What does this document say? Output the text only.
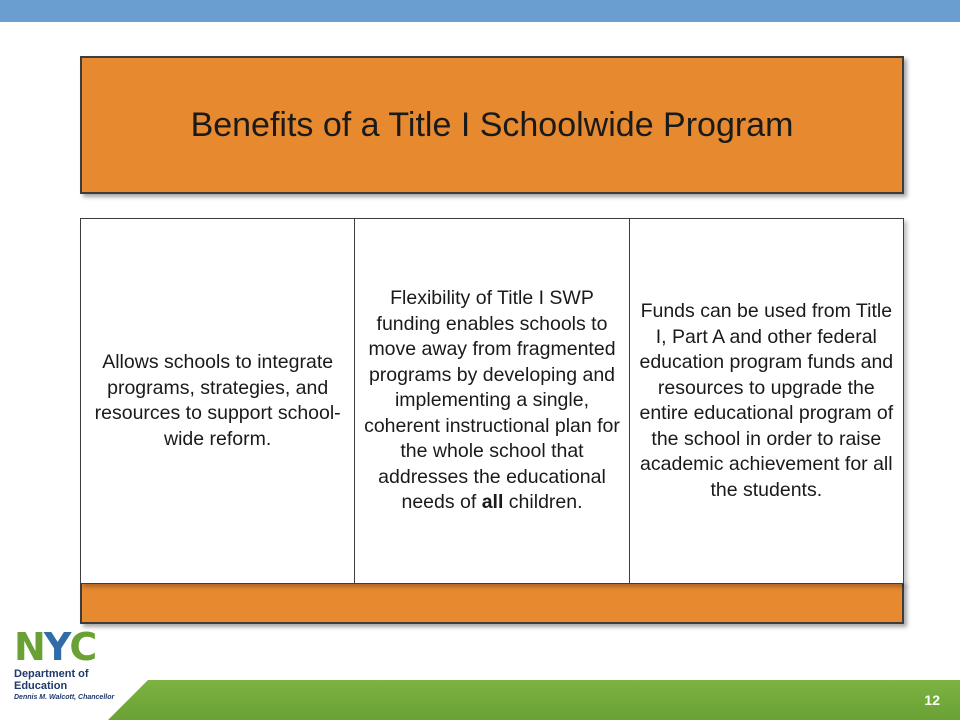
Benefits of a Title I Schoolwide Program
Allows schools to integrate programs, strategies, and resources to support school-wide reform.
Flexibility of Title I SWP funding enables schools to move away from fragmented programs by developing and implementing a single, coherent instructional plan for the whole school that addresses the educational needs of all children.
Funds can be used from Title I, Part A and other federal education program funds and resources to upgrade the entire educational program of the school in order to raise academic achievement for all the students.
12
NYC
Department of
Education
Dennis M. Walcott, Chancellor
